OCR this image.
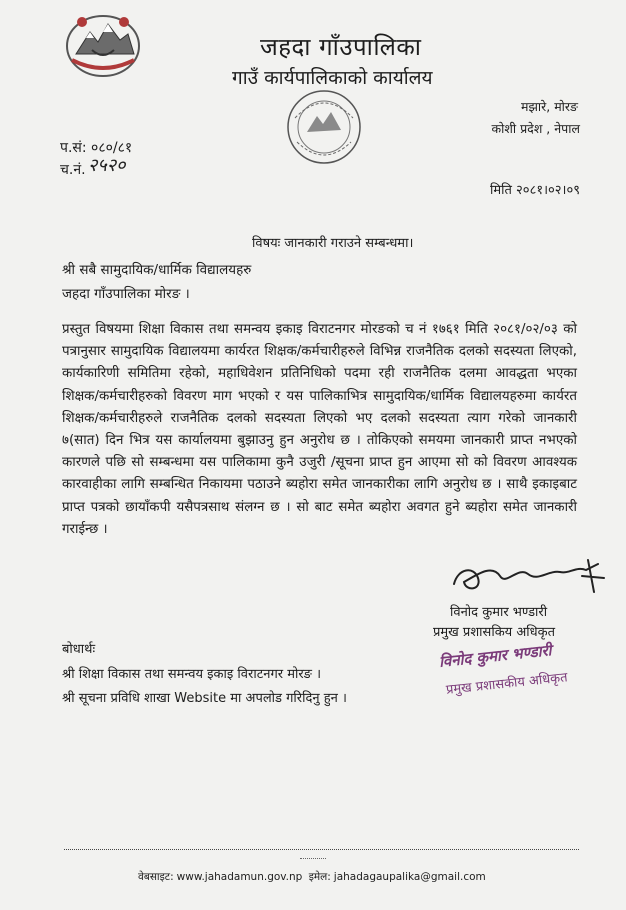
जहदा गाँउपालिका
गाउँ कार्यपालिकाको कार्यालय
मझारे, मोरङ
कोशी प्रदेश , नेपाल
प.सं: ०८०/८१
च.नं. २५२०
मिति २०८१।०२।०९
विषयः जानकारी गराउने सम्बन्धमा।
श्री सबै सामुदायिक/धार्मिक विद्यालयहरु
जहदा गाँउपालिका मोरङ ।
प्रस्तुत विषयमा शिक्षा विकास तथा समन्वय इकाइ विराटनगर मोरङको च नं १७६१ मिति २०८१/०२/०३ को पत्रानुसार सामुदायिक विद्यालयमा कार्यरत शिक्षक/कर्मचारीहरुले विभिन्न राजनैतिक दलको सदस्यता लिएको, कार्यकारिणी समितिमा रहेको, महाधिवेशन प्रतिनिधिको पदमा रही राजनैतिक दलमा आवद्धता भएका शिक्षक/कर्मचारीहरुको विवरण माग भएको र यस पालिकाभित्र सामुदायिक/धार्मिक विद्यालयहरुमा कार्यरत शिक्षक/कर्मचारीहरुले राजनैतिक दलको सदस्यता लिएको भए दलको सदस्यता त्याग गरेको जानकारी ७(सात) दिन भित्र यस कार्यालयमा बुझाउनु हुन अनुरोध छ । तोकिएको समयमा जानकारी प्राप्त नभएको कारणले पछि सो सम्बन्धमा यस पालिकामा कुनै उजुरी /सूचना प्राप्त हुन आएमा सो को विवरण आवश्यक कारवाहीका लागि सम्बन्धित निकायमा पठाउने ब्यहोरा समेत जानकारीका लागि अनुरोध छ । साथै इकाइबाट प्राप्त पत्रको छायाँकपी यसैपत्रसाथ संलग्न छ । सो बाट समेत ब्यहोरा अवगत हुने ब्यहोरा समेत जानकारी गराईन्छ ।
विनोद कुमार भण्डारी
प्रमुख प्रशासकिय अधिकृत
बोधार्थः
श्री शिक्षा विकास तथा समन्वय इकाइ विराटनगर मोरङ ।
श्री सूचना प्रविधि शाखा Website मा अपलोड गरिदिनु हुन ।
विनोद कुमार भण्डारी
प्रमुख प्रशासकीय अधिकृत
वेबसाइट: www.jahadamun.gov.np इमेल: jahadagaupalika@gmail.com
